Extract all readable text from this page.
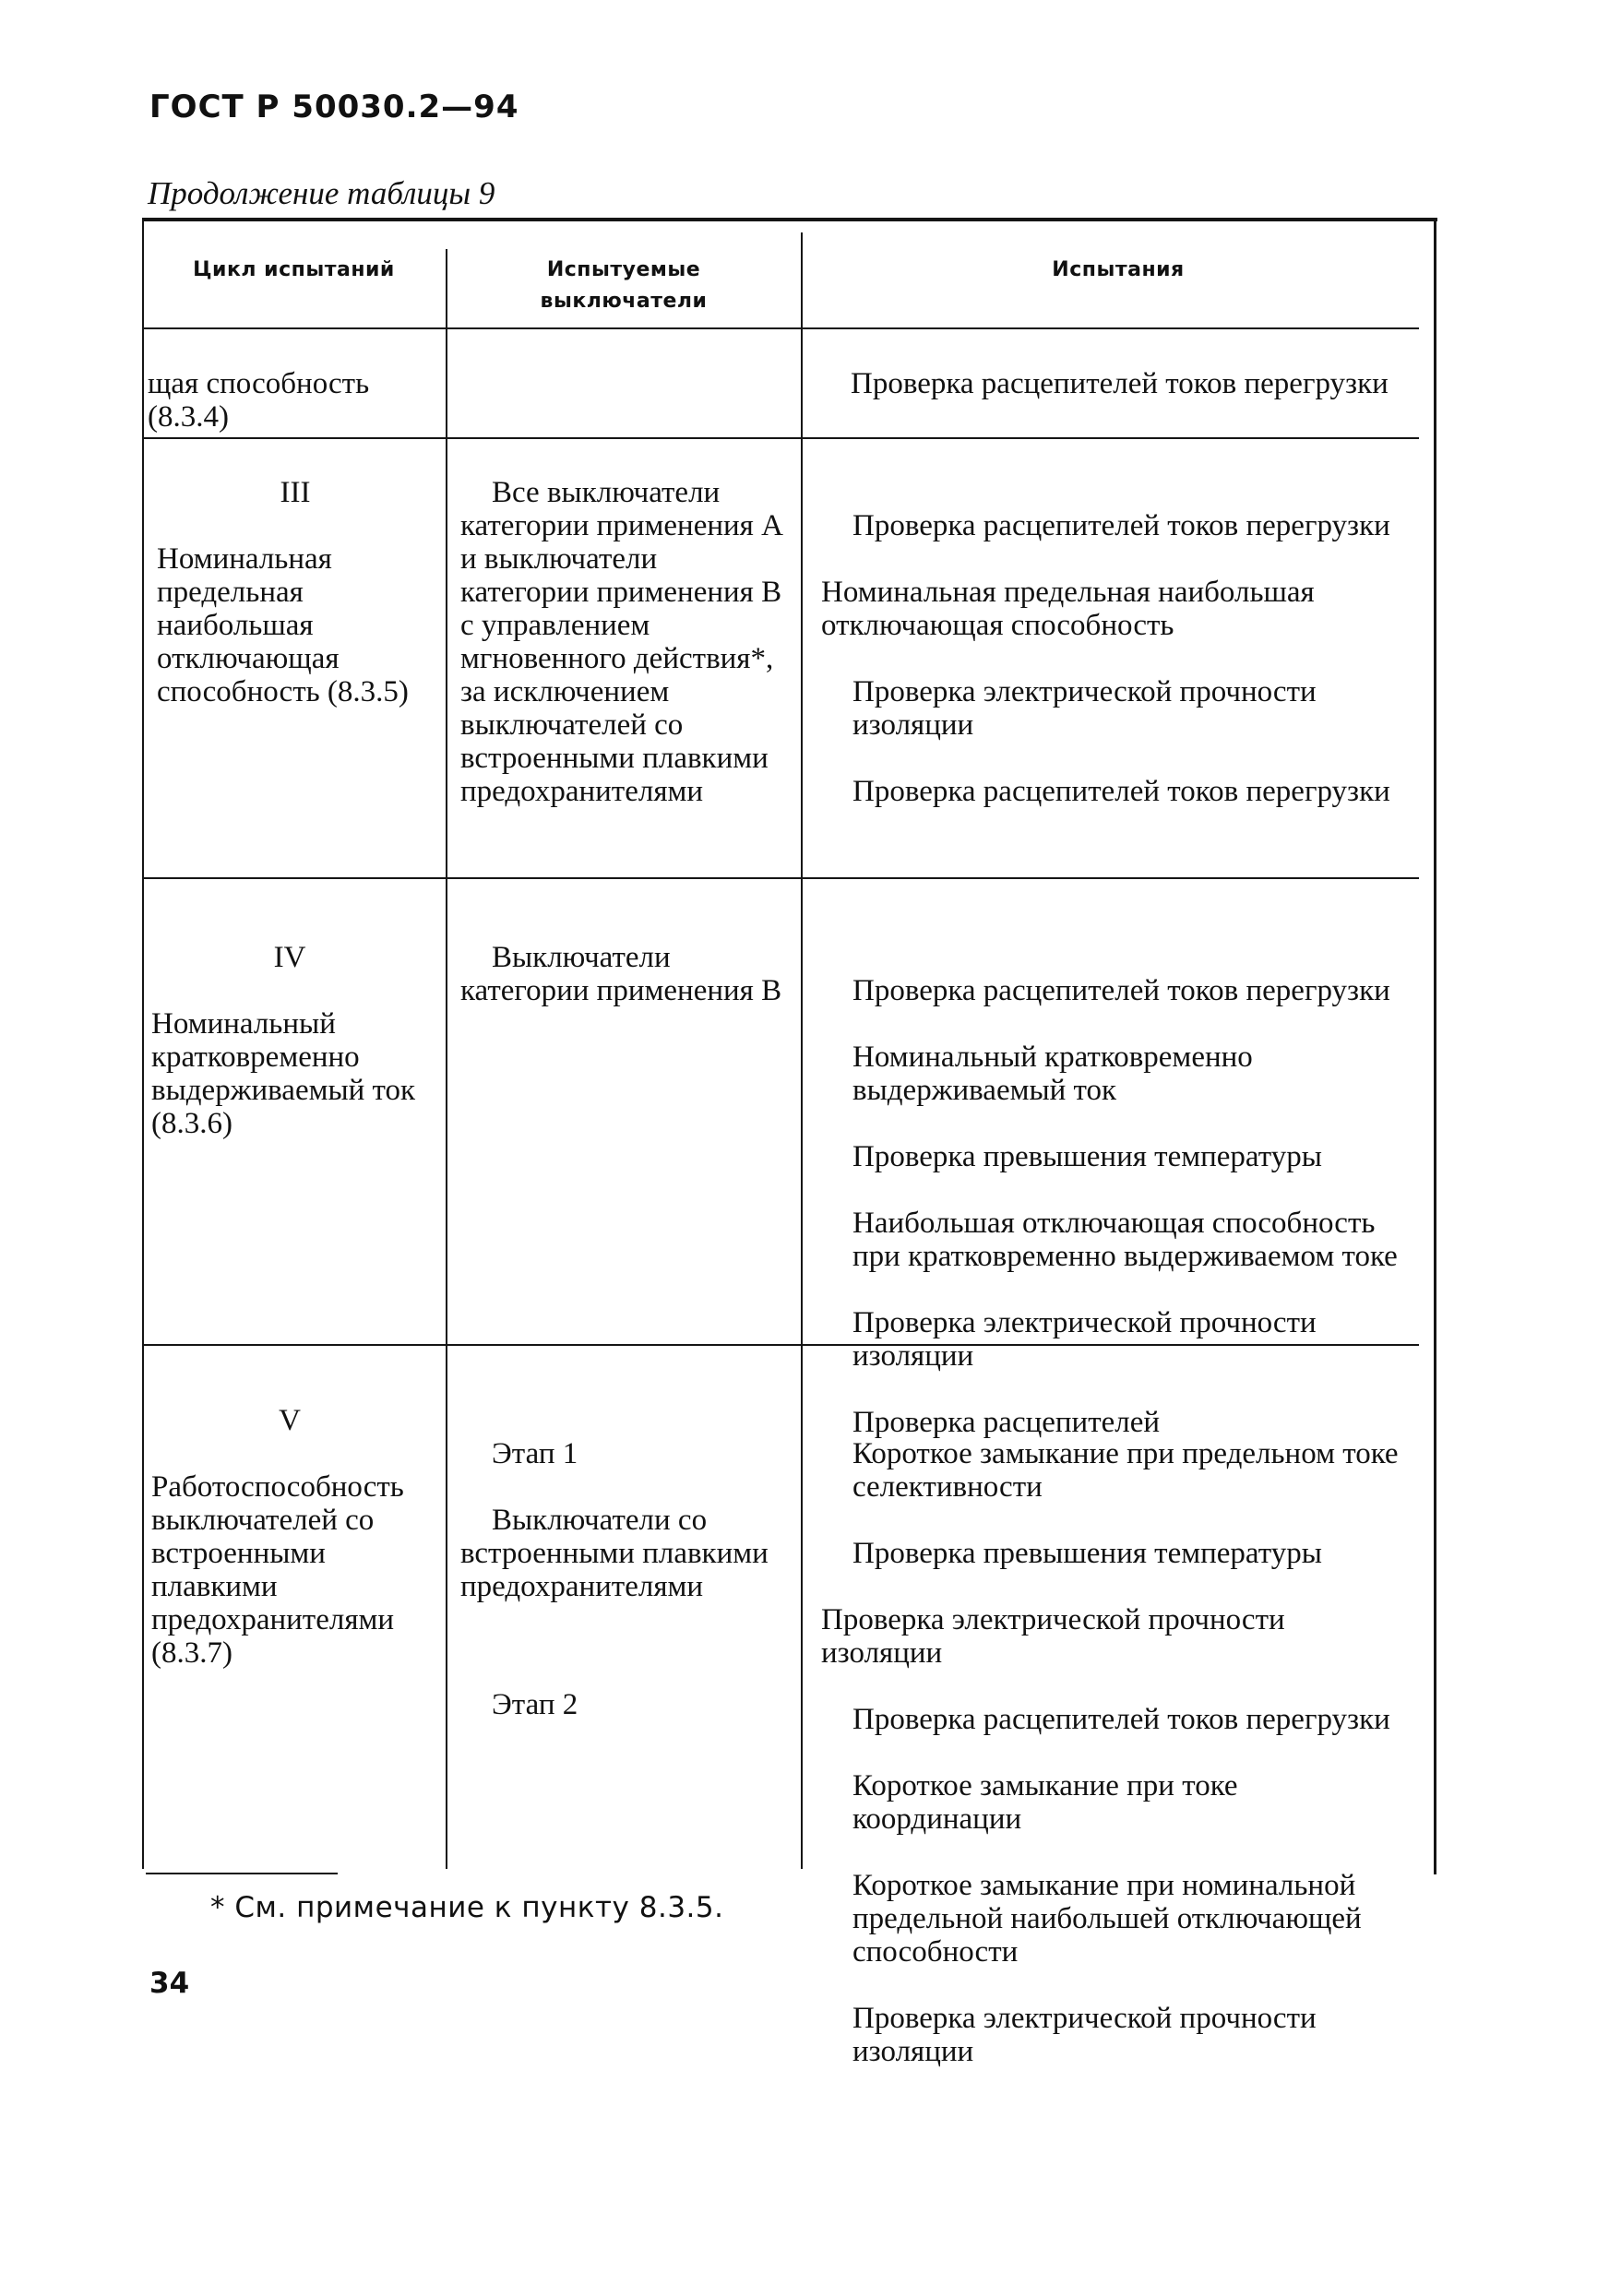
ГОСТ Р 50030.2—94
Продолжение таблицы 9
Цикл испытаний	Испытуемые
выключатели
Испытания
щая способность
(8.3.4)
Проверка расцепителей токов перегрузки

III

Номинальная предельная наибольшая отключающая способность (8.3.5)

Все выключатели категории применения А и выключатели категории применения В с управлением мгновенного действия*, за исключением выключателей со встроенными плавкими предохранителями

Проверка расцепителей токов перегрузки

Номинальная предельная наибольшая отключающая способность

Проверка электрической прочности изоляции

Проверка расцепителей токов перегрузки

IV

Номинальный кратковременно выдерживаемый ток (8.3.6)

Выключатели категории применения В	Проверка расцепителей токов перегрузки

Номинальный кратковременно выдерживаемый ток

Проверка превышения температуры

Наибольшая отключающая способность при кратковременно выдерживаемом токе

Проверка электрической прочности изоляции

Проверка расцепителей

V

Работоспособность выключателей со встроенными плавкими предохранителями (8.3.7)

Этап 1

Выключатели со встроенными плавкими предохранителями

Этап 2

Короткое замыкание при предельном токе селективности

Проверка превышения температуры

Проверка электрической прочности изоляции

Проверка расцепителей токов перегрузки

Короткое замыкание при токе координации

Короткое замыкание при номинальной предельной наибольшей отключающей способности

Проверка электрической прочности изоляции

* См. примечание к пункту 8.3.5.
34
